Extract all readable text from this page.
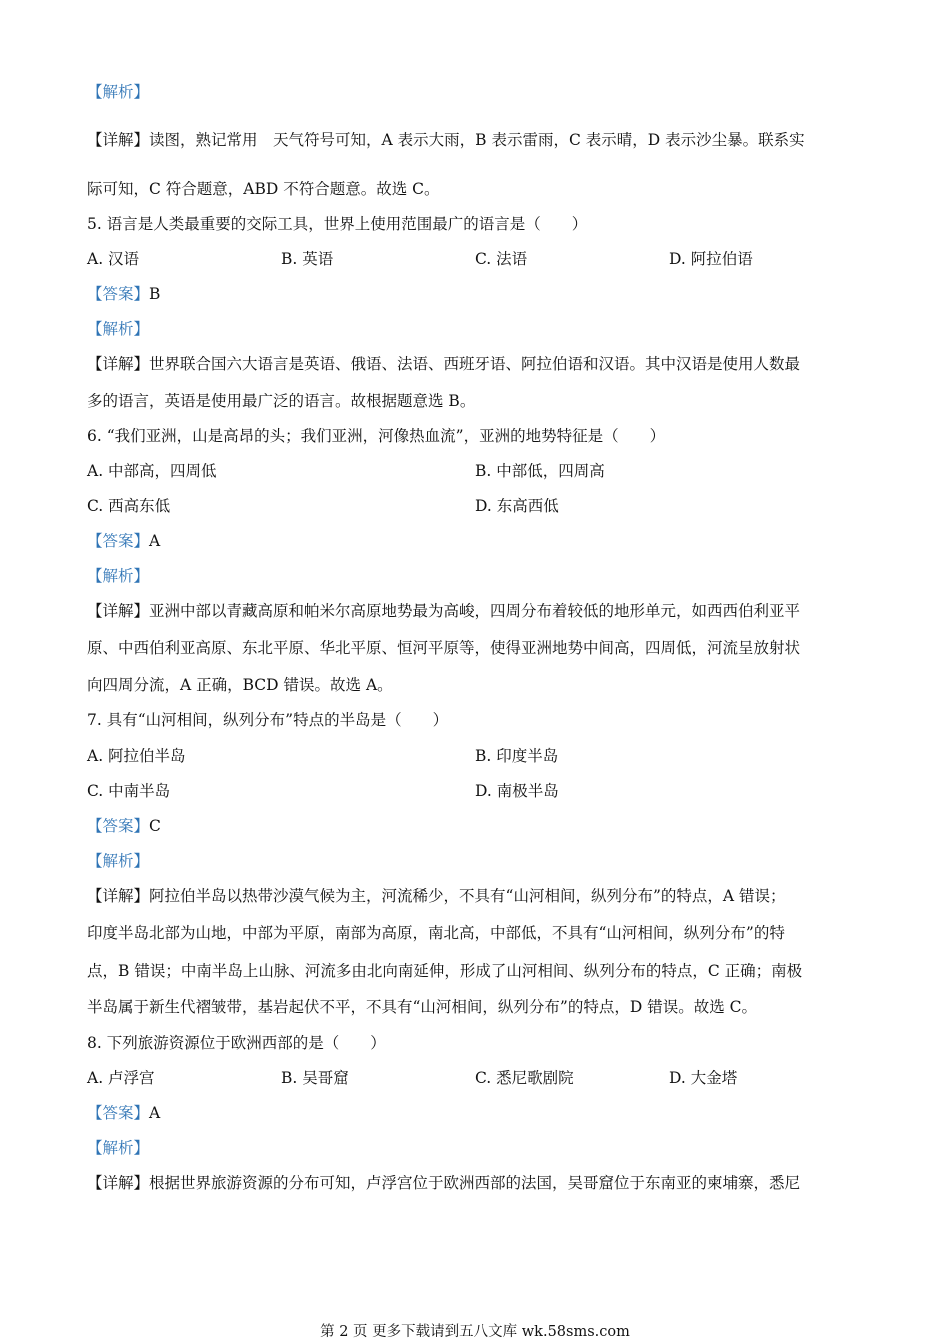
【解析】
【详解】读图，熟记常用　天气符号可知，A 表示大雨，B 表示雷雨，C 表示晴，D 表示沙尘暴。联系实
际可知，C 符合题意，ABD 不符合题意。故选 C。
5. 语言是人类最重要的交际工具，世界上使用范围最广的语言是（　　）
A. 汉语	B. 英语	C. 法语	D. 阿拉伯语
【答案】B
【解析】
【详解】世界联合国六大语言是英语、俄语、法语、西班牙语、阿拉伯语和汉语。其中汉语是使用人数最
多的语言，英语是使用最广泛的语言。故根据题意选 B。
6. “我们亚洲，山是高昂的头；我们亚洲，河像热血流”，亚洲的地势特征是（　　）
A. 中部高，四周低	B. 中部低，四周高
C. 西高东低	D. 东高西低
【答案】A
【解析】
【详解】亚洲中部以青藏高原和帕米尔高原地势最为高峻，四周分布着较低的地形单元，如西西伯利亚平
原、中西伯利亚高原、东北平原、华北平原、恒河平原等，使得亚洲地势中间高，四周低，河流呈放射状
向四周分流，A 正确，BCD 错误。故选 A。
7. 具有“山河相间，纵列分布”特点的半岛是（　　）
A. 阿拉伯半岛	B. 印度半岛
C. 中南半岛	D. 南极半岛
【答案】C
【解析】
【详解】阿拉伯半岛以热带沙漠气候为主，河流稀少，不具有“山河相间，纵列分布”的特点，A 错误；
印度半岛北部为山地，中部为平原，南部为高原，南北高，中部低，不具有“山河相间，纵列分布”的特
点，B 错误；中南半岛上山脉、河流多由北向南延伸，形成了山河相间、纵列分布的特点，C 正确；南极
半岛属于新生代褶皱带，基岩起伏不平，不具有“山河相间，纵列分布”的特点，D 错误。故选 C。
8. 下列旅游资源位于欧洲西部的是（　　）
A. 卢浮宫	B. 吴哥窟	C. 悉尼歌剧院	D. 大金塔
【答案】A
【解析】
【详解】根据世界旅游资源的分布可知，卢浮宫位于欧洲西部的法国，吴哥窟位于东南亚的柬埔寨，悉尼
第 2 页 更多下载请到五八文库 wk.58sms.com
